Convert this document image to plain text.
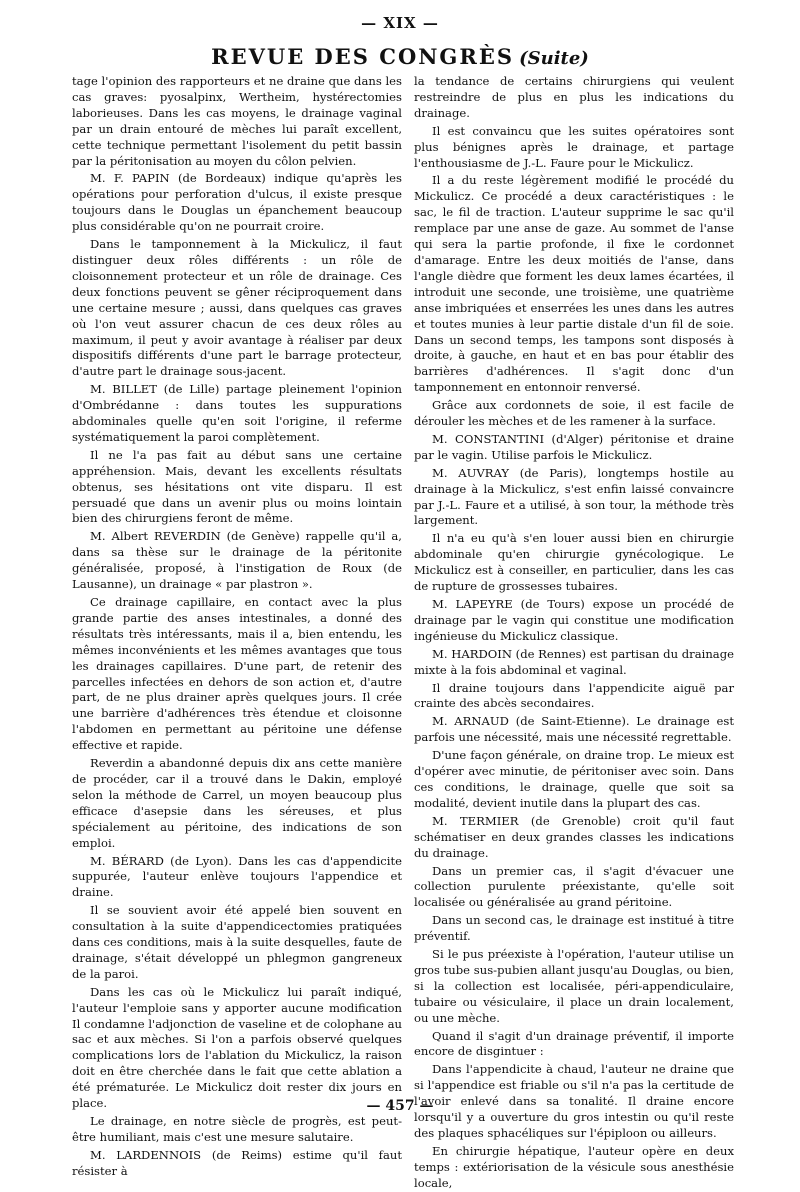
— XIX —
REVUE DES CONGRÈS (Suite)

tage l'opinion des rapporteurs et ne draine que dans les cas graves: pyosalpinx, Wertheim, hystérectomies laborieuses. Dans les cas moyens, le drainage vaginal par un drain entouré de mèches lui paraît excellent, cette technique permettant l'isolement du petit bassin par la péritonisation au moyen du côlon pelvien.

M. F. PAPIN (de Bordeaux) indique qu'après les opérations pour perforation d'ulcus, il existe presque toujours dans le Douglas un épanchement beaucoup plus considérable qu'on ne pourrait croire.

Dans le tamponnement à la Mickulicz, il faut distinguer deux rôles différents : un rôle de cloisonnement protecteur et un rôle de drainage. Ces deux fonctions peuvent se gêner réciproquement dans une certaine mesure ; aussi, dans quelques cas graves où l'on veut assurer chacun de ces deux rôles au maximum, il peut y avoir avantage à réaliser par deux dispositifs différents d'une part le barrage protecteur, d'autre part le drainage sous-jacent.

M. BILLET (de Lille) partage pleinement l'opinion d'Ombrédanne : dans toutes les suppurations abdominales quelle qu'en soit l'origine, il referme systématiquement la paroi complètement.

Il ne l'a pas fait au début sans une certaine appréhension. Mais, devant les excellents résultats obtenus, ses hésitations ont vite disparu. Il est persuadé que dans un avenir plus ou moins lointain bien des chirurgiens feront de même.

M. Albert REVERDIN (de Genève) rappelle qu'il a, dans sa thèse sur le drainage de la péritonite généralisée, proposé, à l'instigation de Roux (de Lausanne), un drainage « par plastron ».

Ce drainage capillaire, en contact avec la plus grande partie des anses intestinales, a donné des résultats très intéressants, mais il a, bien entendu, les mêmes inconvénients et les mêmes avantages que tous les drainages capillaires. D'une part, de retenir des parcelles infectées en dehors de son action et, d'autre part, de ne plus drainer après quelques jours. Il crée une barrière d'adhérences très étendue et cloisonne l'abdomen en permettant au péritoine une défense effective et rapide.

Reverdin a abandonné depuis dix ans cette manière de procéder, car il a trouvé dans le Dakin, employé selon la méthode de Carrel, un moyen beaucoup plus efficace d'asepsie dans les séreuses, et plus spécialement au péritoine, des indications de son emploi.

M. BÉRARD (de Lyon). Dans les cas d'appendicite suppurée, l'auteur enlève toujours l'appendice et draine.

Il se souvient avoir été appelé bien souvent en consultation à la suite d'appendicectomies pratiquées dans ces conditions, mais à la suite desquelles, faute de drainage, s'était développé un phlegmon gangreneux de la paroi.

Dans les cas où le Mickulicz lui paraît indiqué, l'auteur l'emploie sans y apporter aucune modification Il condamne l'adjonction de vaseline et de colophane au sac et aux mèches. Si l'on a parfois observé quelques complications lors de l'ablation du Mickulicz, la raison doit en être cherchée dans le fait que cette ablation a été prématurée. Le Mickulicz doit rester dix jours en place.

Le drainage, en notre siècle de progrès, est peut-être humiliant, mais c'est une mesure salutaire.

M. LARDENNOIS (de Reims) estime qu'il faut résister à

la tendance de certains chirurgiens qui veulent restreindre de plus en plus les indications du drainage.

Il est convaincu que les suites opératoires sont plus bénignes après le drainage, et partage l'enthousiasme de J.-L. Faure pour le Mickulicz.

Il a du reste légèrement modifié le procédé du Mickulicz. Ce procédé a deux caractéristiques : le sac, le fil de traction. L'auteur supprime le sac qu'il remplace par une anse de gaze. Au sommet de l'anse qui sera la partie profonde, il fixe le cordonnet d'amarage. Entre les deux moitiés de l'anse, dans l'angle dièdre que forment les deux lames écartées, il introduit une seconde, une troisième, une quatrième anse imbriquées et enserrées les unes dans les autres et toutes munies à leur partie distale d'un fil de soie. Dans un second temps, les tampons sont disposés à droite, à gauche, en haut et en bas pour établir des barrières d'adhérences. Il s'agit donc d'un tamponnement en entonnoir renversé.

Grâce aux cordonnets de soie, il est facile de dérouler les mèches et de les ramener à la surface.

M. CONSTANTINI (d'Alger) péritonise et draine par le vagin. Utilise parfois le Mickulicz.

M. AUVRAY (de Paris), longtemps hostile au drainage à la Mickulicz, s'est enfin laissé convaincre par J.-L. Faure et a utilisé, à son tour, la méthode très largement.

Il n'a eu qu'à s'en louer aussi bien en chirurgie abdominale qu'en chirurgie gynécologique. Le Mickulicz est à conseiller, en particulier, dans les cas de rupture de grossesses tubaires.

M. LAPEYRE (de Tours) expose un procédé de drainage par le vagin qui constitue une modification ingénieuse du Mickulicz classique.

M. HARDOIN (de Rennes) est partisan du drainage mixte à la fois abdominal et vaginal.

Il draine toujours dans l'appendicite aiguë par crainte des abcès secondaires.

M. ARNAUD (de Saint-Etienne). Le drainage est parfois une nécessité, mais une nécessité regrettable.

D'une façon générale, on draine trop. Le mieux est d'opérer avec minutie, de péritoniser avec soin. Dans ces conditions, le drainage, quelle que soit sa modalité, devient inutile dans la plupart des cas.

M. TERMIER (de Grenoble) croit qu'il faut schématiser en deux grandes classes les indications du drainage.

Dans un premier cas, il s'agit d'évacuer une collection purulente préexistante, qu'elle soit localisée ou généralisée au grand péritoine.

Dans un second cas, le drainage est institué à titre préventif.

Si le pus préexiste à l'opération, l'auteur utilise un gros tube sus-pubien allant jusqu'au Douglas, ou bien, si la collection est localisée, péri-appendiculaire, tubaire ou vésiculaire, il place un drain localement, ou une mèche.

Quand il s'agit d'un drainage préventif, il importe encore de disgintuer :

Dans l'appendicite à chaud, l'auteur ne draine que si l'appendice est friable ou s'il n'a pas la certitude de l'avoir enlevé dans sa tonalité. Il draine encore lorsqu'il y a ouverture du gros intestin ou qu'il reste des plaques sphacéliques sur l'épiploon ou ailleurs.

En chirurgie hépatique, l'auteur opère en deux temps : extériorisation de la vésicule sous anesthésie locale,

— 457 —
